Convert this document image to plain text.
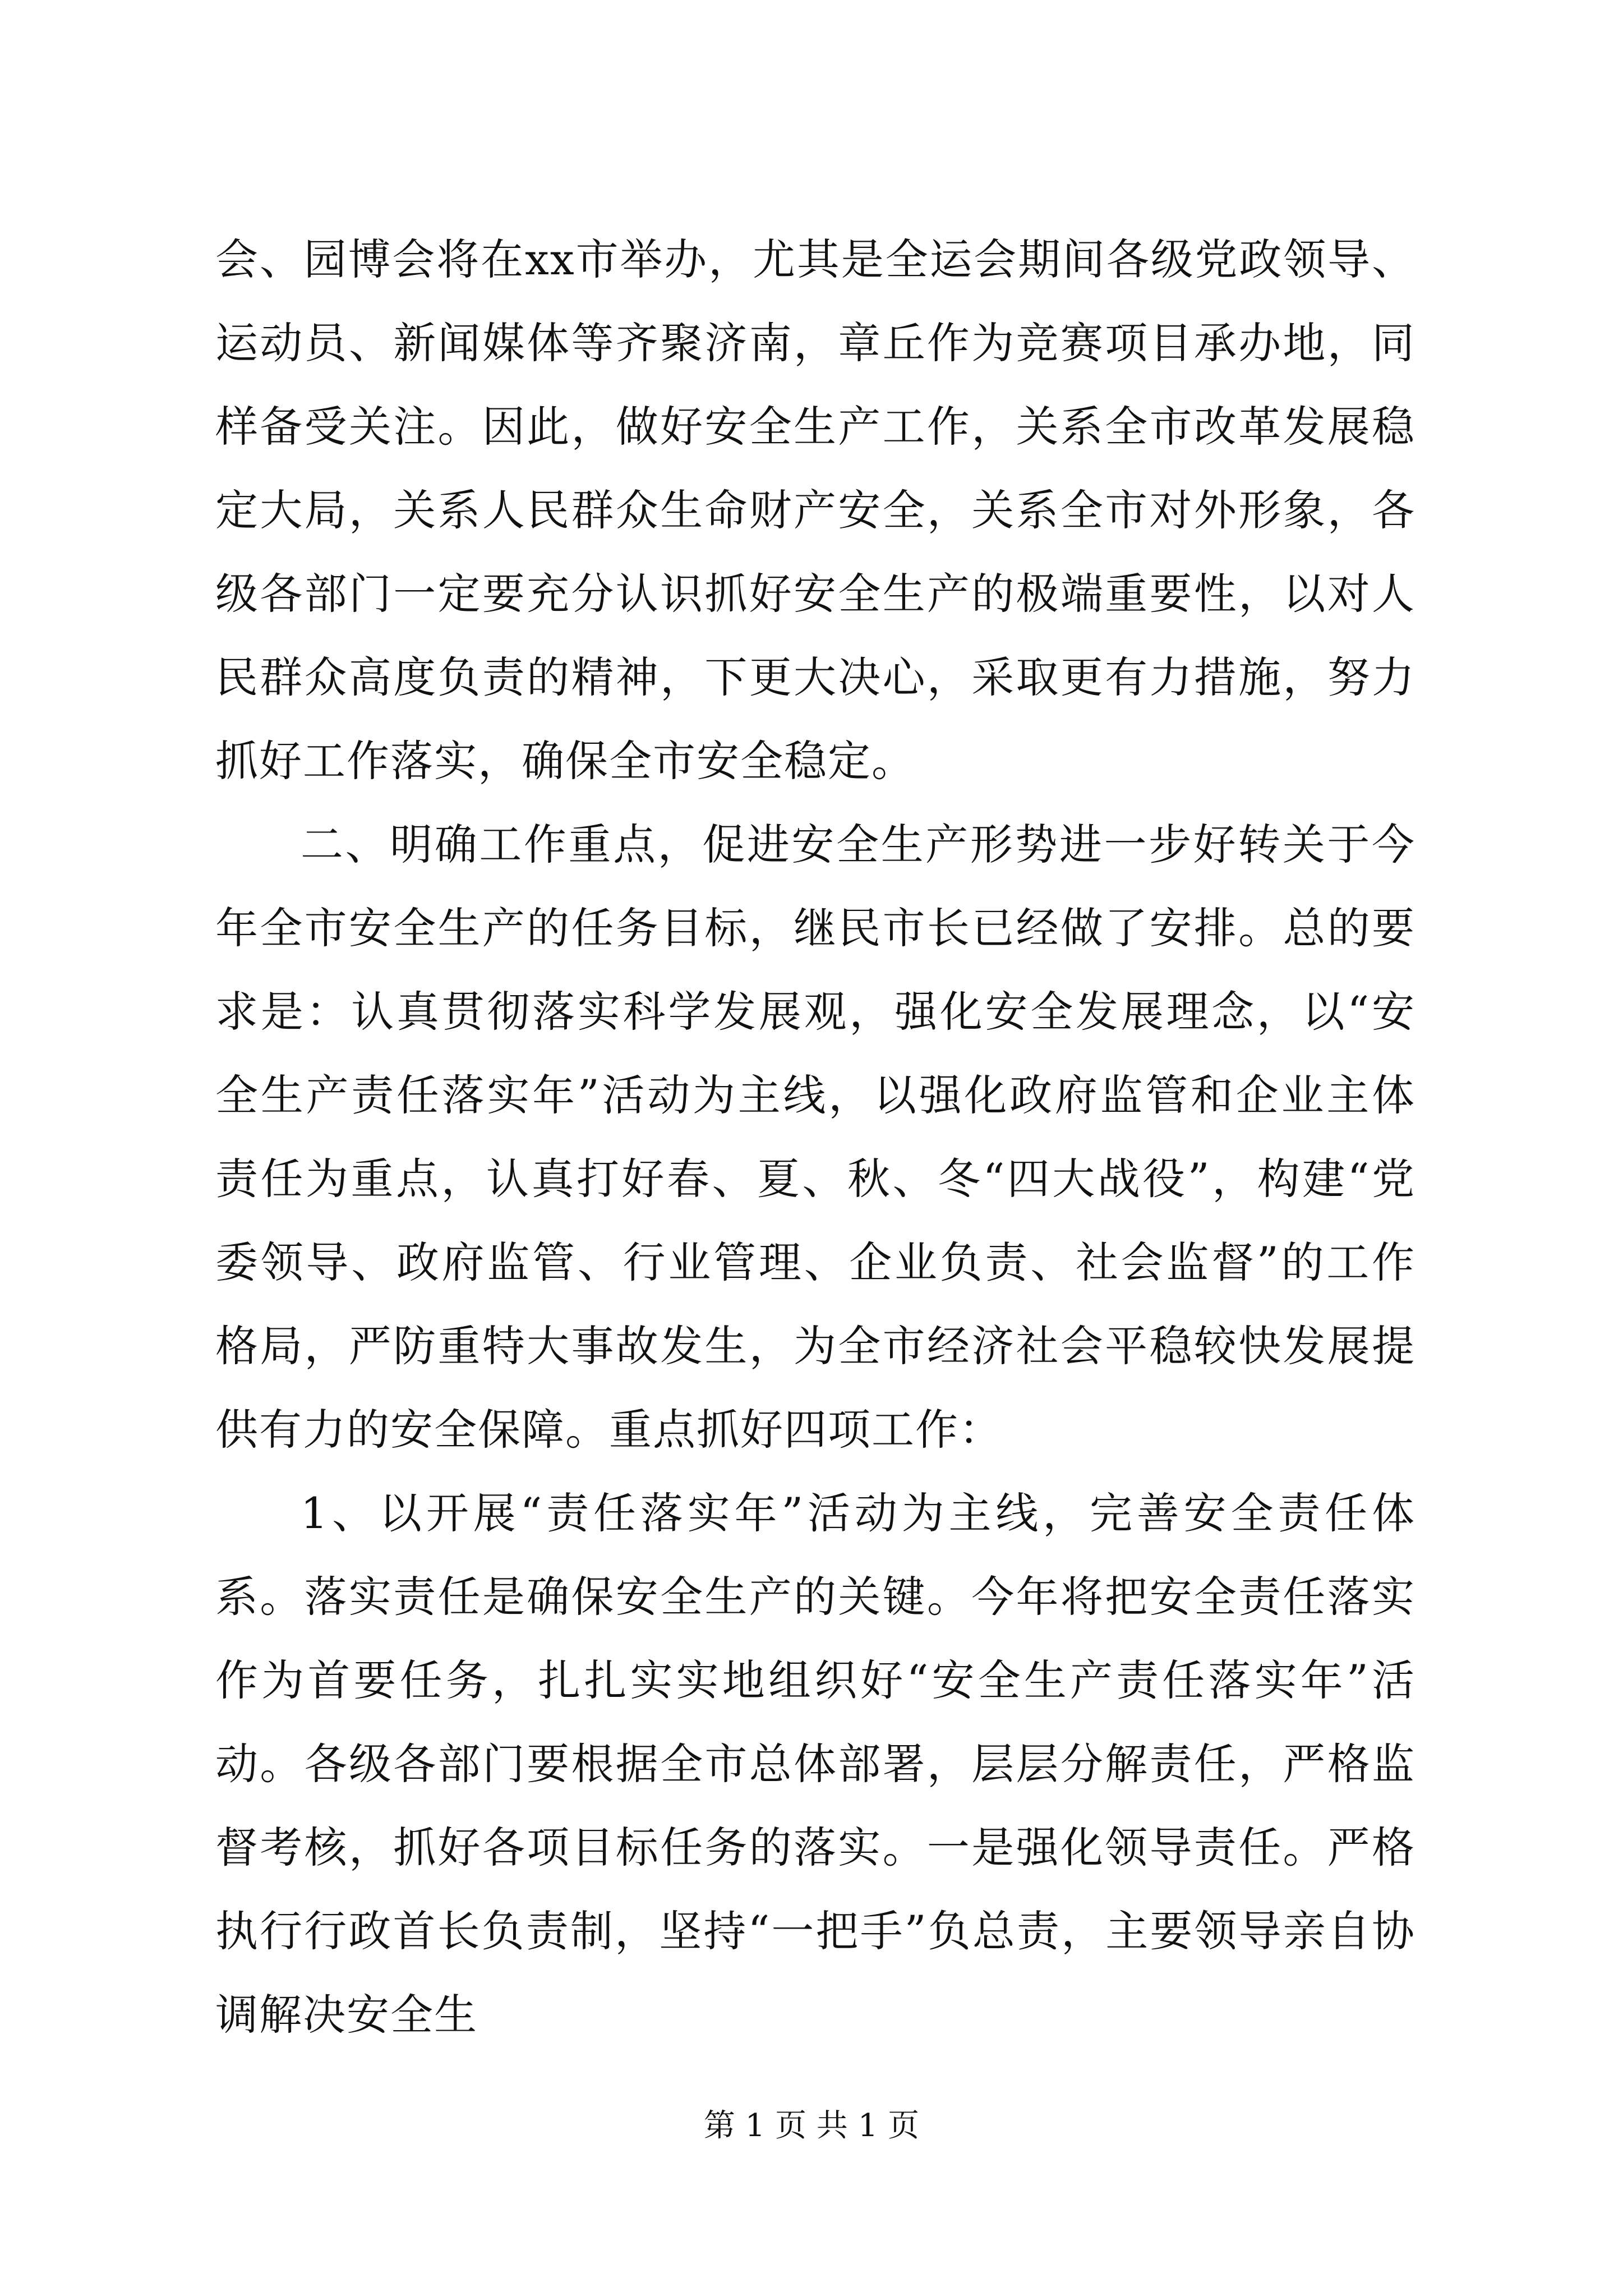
会、园博会将在xx市举办，尤其是全运会期间各级党政领导、运动员、新闻媒体等齐聚济南，章丘作为竞赛项目承办地，同样备受关注。因此，做好安全生产工作，关系全市改革发展稳定大局，关系人民群众生命财产安全，关系全市对外形象，各级各部门一定要充分认识抓好安全生产的极端重要性，以对人民群众高度负责的精神，下更大决心，采取更有力措施，努力抓好工作落实，确保全市安全稳定。

二、明确工作重点，促进安全生产形势进一步好转关于今年全市安全生产的任务目标，继民市长已经做了安排。总的要求是：认真贯彻落实科学发展观，强化安全发展理念，以“安全生产责任落实年”活动为主线，以强化政府监管和企业主体责任为重点，认真打好春、夏、秋、冬“四大战役”，构建“党委领导、政府监管、行业管理、企业负责、社会监督”的工作格局，严防重特大事故发生，为全市经济社会平稳较快发展提供有力的安全保障。重点抓好四项工作：

1、以开展“责任落实年”活动为主线，完善安全责任体系。落实责任是确保安全生产的关键。今年将把安全责任落实作为首要任务，扎扎实实地组织好“安全生产责任落实年”活动。各级各部门要根据全市总体部署，层层分解责任，严格监督考核，抓好各项目标任务的落实。一是强化领导责任。严格执行行政首长负责制，坚持“一把手”负总责，主要领导亲自协调解决安全生

第 1 页 共 1 页
